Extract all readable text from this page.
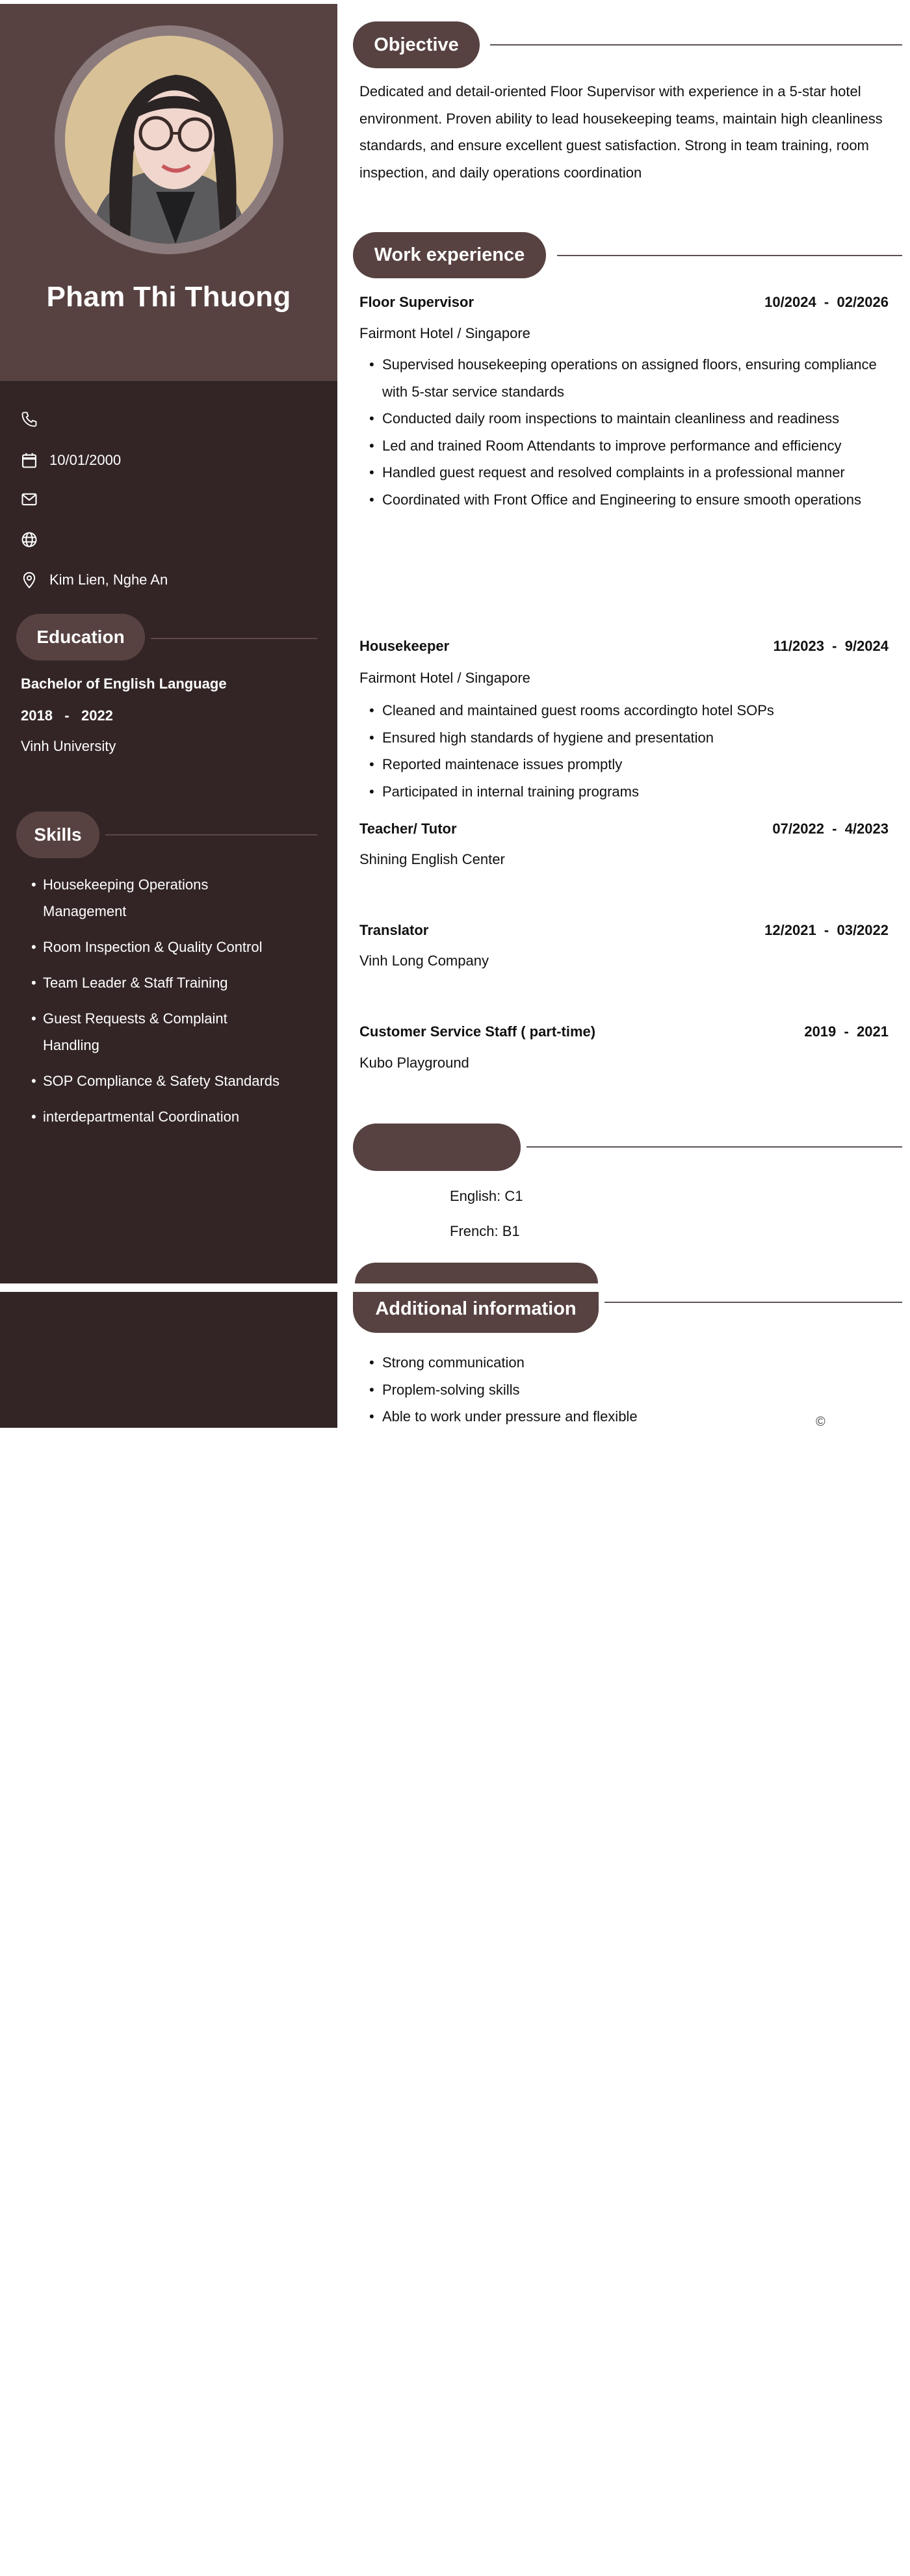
Pham Thi Thuong
10/01/2000
Kim Lien, Nghe An
Education
Bachelor of English Language
2018 - 2022
Vinh University
Skills
• Housekeeping Operations Management
• Room Inspection & Quality Control
• Team Leader & Staff Training
• Guest Requests & Complaint Handling
• SOP Compliance & Safety Standards
• interdepartmental Coordination
Objective
Dedicated and detail-oriented Floor Supervisor with experience in a 5-star hotel environment. Proven ability to lead housekeeping teams, maintain high cleanliness standards, and ensure excellent guest satisfaction. Strong in team training, room inspection, and daily operations coordination
Work experience
Floor Supervisor	10/2024  -  02/2026
Fairmont Hotel / Singapore
• Supervised housekeeping operations on assigned floors, ensuring compliance with 5-star service standards
• Conducted daily room inspections to maintain cleanliness and readiness
• Led and trained Room Attendants to improve performance and efficiency
• Handled guest request and resolved complaints in a professional manner
• Coordinated with Front Office and Engineering to ensure smooth operations
Housekeeper	11/2023  -  9/2024
Fairmont Hotel / Singapore
• Cleaned and maintained guest rooms accordingto hotel SOPs
• Ensured high standards of hygiene and presentation
• Reported maintenace issues promptly
• Participated in internal training programs
Teacher/ Tutor	07/2022  -  4/2023
Shining English Center
Translator	12/2021  -  03/2022
Vinh Long Company
Customer Service Staff ( part-time)	2019  -  2021
Kubo Playground
English: C1
French: B1
Additional information
• Strong communication
• Proplem-solving skills
• Able to work under pressure and flexible	©
